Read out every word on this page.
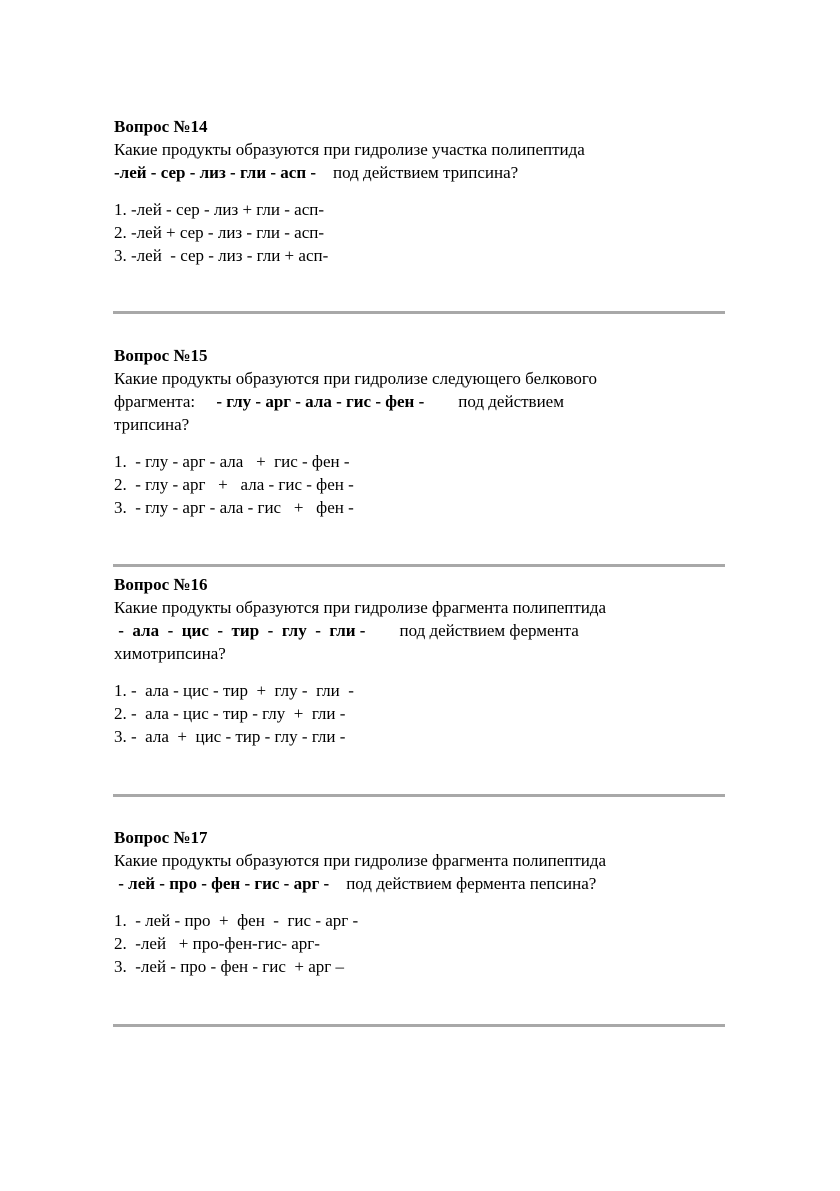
Вопрос №14
Какие продукты образуются при гидролизе участка полипептида
-лей - сер - лиз - гли - асп -    под действием трипсина?
1. -лей - сер - лиз + гли - асп-
2. -лей + сер - лиз - гли - асп-
3. -лей  - сер - лиз - гли + асп-
Вопрос №15
Какие продукты образуются при гидролизе следующего белкового
фрагмента:     - глу - арг - ала - гис - фен -        под действием
трипсина?
1.  - глу - арг - ала   +  гис - фен -
2.  - глу - арг   +   ала - гис - фен -
3.  - глу - арг - ала - гис   +   фен -
Вопрос №16
Какие продукты образуются при гидролизе фрагмента полипептида
-  ала  -  цис  -  тир  -  глу  -  гли -        под действием фермента
химотрипсина?
1. -  ала - цис - тир  +  глу -  гли  -
2. -  ала - цис - тир - глу  +  гли -
3. -  ала  +  цис - тир - глу - гли -
Вопрос №17
Какие продукты образуются при гидролизе фрагмента полипептида
- лей - про - фен - гис - арг -    под действием фермента пепсина?
1.  - лей - про  +  фен  -  гис - арг -
2.  -лей   + про-фен-гис- арг-
3.  -лей - про - фен - гис  + арг –
